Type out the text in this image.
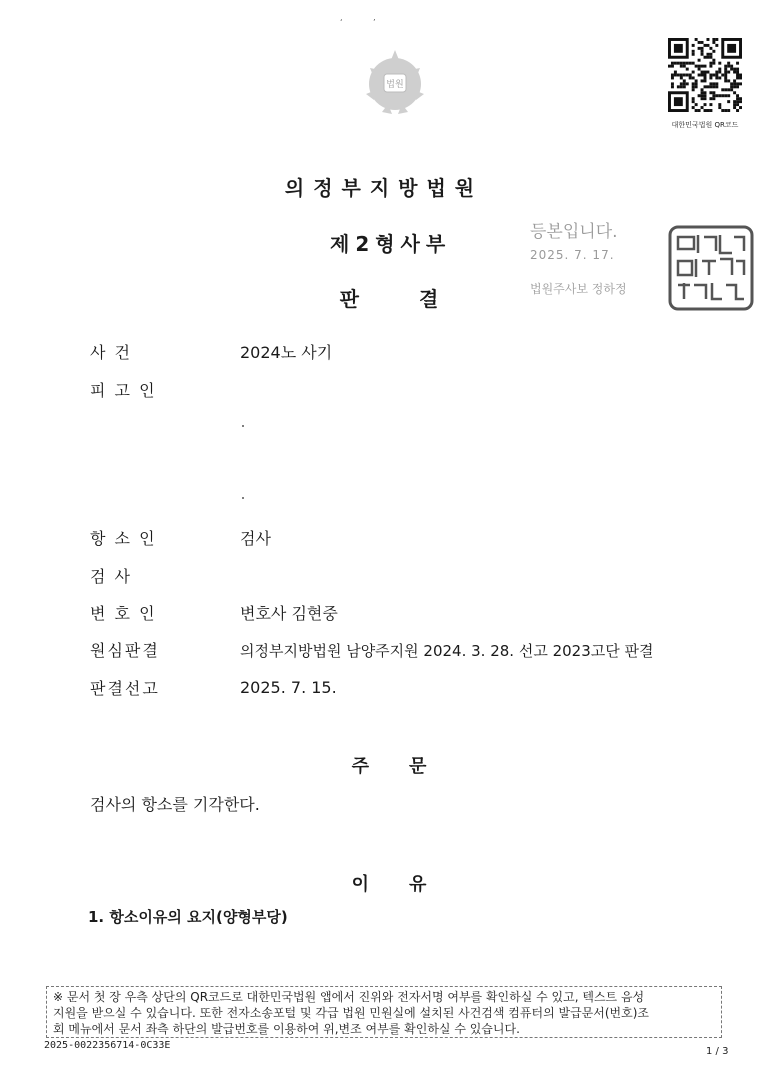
‘            ’
법원
대한민국법원 QR코드
의정부지방법원
제2형사부
판결
등본입니다.
2025. 7. 17.
법원주사보 정하정
사 건	2024노 사기
피 고 인
항 소 인	검사
검 사
변 호 인	변호사 김현중
원심판결	의정부지방법원 남양주지원 2024. 3. 28. 선고 2023고단 판결
판결선고	2025. 7. 15.
주문
검사의 항소를 기각한다.
이유
1. 항소이유의 요지(양형부당)
※ 문서 첫 장 우측 상단의 QR코드로 대한민국법원 앱에서 진위와 전자서명 여부를 확인하실 수 있고, 텍스트 음성
지원을 받으실 수 있습니다. 또한 전자소송포털 및 각급 법원 민원실에 설치된 사건검색 컴퓨터의 발급문서(번호)조
회 메뉴에서 문서 좌측 하단의 발급번호를 이용하여 위,변조 여부를 확인하실 수 있습니다.
2025-0022356714-0C33E
1 / 3
